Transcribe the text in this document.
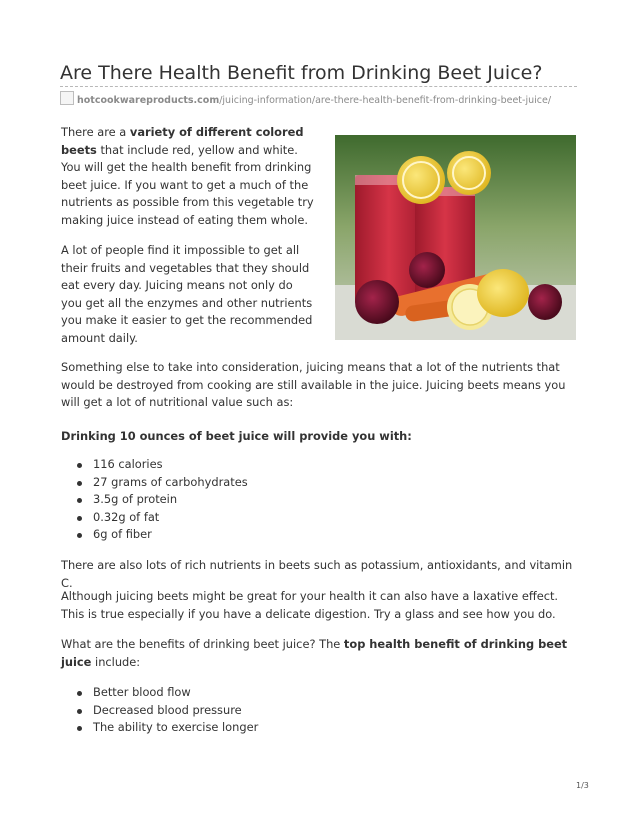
Are There Health Benefit from Drinking Beet Juice?
hotcookwareproducts.com/juicing-information/are-there-health-benefit-from-drinking-beet-juice/

There are a variety of different colored beets that include red, yellow and white. You will get the health benefit from drinking beet juice. If you want to get a much of the nutrients as possible from this vegetable try making juice instead of eating them whole.

A lot of people find it impossible to get all their fruits and vegetables that they should eat every day. Juicing means not only do you get all the enzymes and other nutrients you make it easier to get the recommended amount daily.

Something else to take into consideration, juicing means that a lot of the nutrients that would be destroyed from cooking are still available in the juice. Juicing beets means you will get a lot of nutritional value such as:

Drinking 10 ounces of beet juice will provide you with:

116 calories
27 grams of carbohydrates
3.5g of protein
0.32g of fat
6g of fiber

There are also lots of rich nutrients in beets such as potassium, antioxidants, and vitamin C.

Although juicing beets might be great for your health it can also have a laxative effect. This is true especially if you have a delicate digestion. Try a glass and see how you do.

What are the benefits of drinking beet juice? The top health benefit of drinking beet juice include:

Better blood flow
Decreased blood pressure
The ability to exercise longer
1/3
